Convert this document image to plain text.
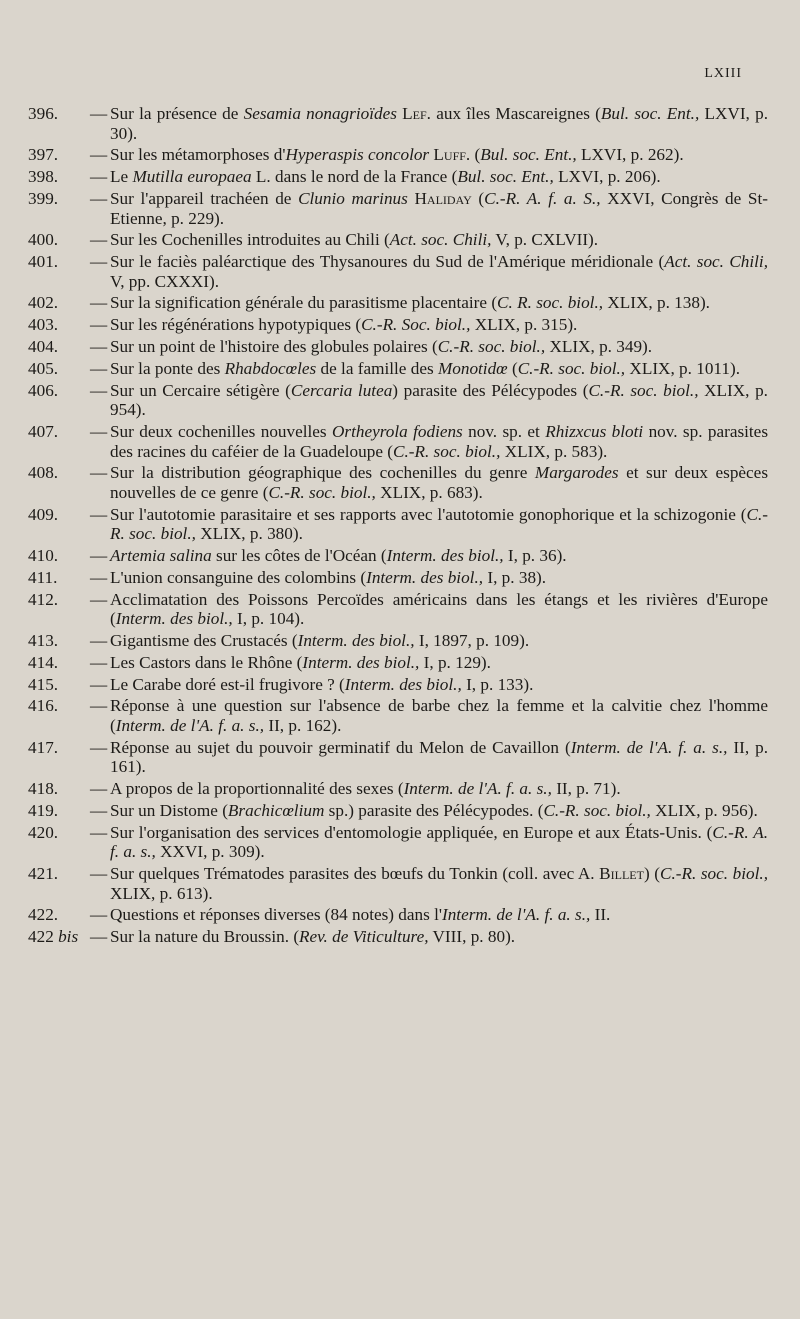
LXIII
396.	— Sur la présence de Sesamia nonagrioïdes Lef. aux îles Mascareignes (Bul. soc. Ent., LXVI, p. 30).
397.	— Sur les métamorphoses d'Hyperaspis concolor Luff. (Bul. soc. Ent., LXVI, p. 262).
398.	— Le Mutilla europaea L. dans le nord de la France (Bul. soc. Ent., LXVI, p. 206).
399.	— Sur l'appareil trachéen de Clunio marinus Haliday (C.-R. A. f. a. S., XXVI, Congrès de St-Etienne, p. 229).
400.	— Sur les Cochenilles introduites au Chili (Act. soc. Chili, V, p. CXLVII).
401.	— Sur le faciès paléarctique des Thysanoures du Sud de l'Amérique méridionale (Act. soc. Chili, V, pp. CXXXI).
402.	— Sur la signification générale du parasitisme placentaire (C. R. soc. biol., XLIX, p. 138).
403.	— Sur les régénérations hypotypiques (C.-R. Soc. biol., XLIX, p. 315).
404.	— Sur un point de l'histoire des globules polaires (C.-R. soc. biol., XLIX, p. 349).
405.	— Sur la ponte des Rhabdocœles de la famille des Monotidœ (C.-R. soc. biol., XLIX, p. 1011).
406.	— Sur un Cercaire sétigère (Cercaria lutea) parasite des Pélécypodes (C.-R. soc. biol., XLIX, p. 954).
407.	— Sur deux cochenilles nouvelles Ortheyrola fodiens nov. sp. et Rhizxcus bloti nov. sp. parasites des racines du caféier de la Guadeloupe (C.-R. soc. biol., XLIX, p. 583).
408.	— Sur la distribution géographique des cochenilles du genre Margarodes et sur deux espèces nouvelles de ce genre (C.-R. soc. biol., XLIX, p. 683).
409.	— Sur l'autotomie parasitaire et ses rapports avec l'autotomie gonophorique et la schizogonie (C.-R. soc. biol., XLIX, p. 380).
410.	— Artemia salina sur les côtes de l'Océan (Interm. des biol., I, p. 36).
411.	— L'union consanguine des colombins (Interm. des biol., I, p. 38).
412.	— Acclimatation des Poissons Percoïdes américains dans les étangs et les rivières d'Europe (Interm. des biol., I, p. 104).
413.	— Gigantisme des Crustacés (Interm. des biol., I, 1897, p. 109).
414.	— Les Castors dans le Rhône (Interm. des biol., I, p. 129).
415.	— Le Carabe doré est-il frugivore ? (Interm. des biol., I, p. 133).
416.	— Réponse à une question sur l'absence de barbe chez la femme et la calvitie chez l'homme (Interm. de l'A. f. a. s., II, p. 162).
417.	— Réponse au sujet du pouvoir germinatif du Melon de Cavaillon (Interm. de l'A. f. a. s., II, p. 161).
418.	— A propos de la proportionnalité des sexes (Interm. de l'A. f. a. s., II, p. 71).
419.	— Sur un Distome (Brachicœlium sp.) parasite des Pélécypodes. (C.-R. soc. biol., XLIX, p. 956).
420.	— Sur l'organisation des services d'entomologie appliquée, en Europe et aux États-Unis. (C.-R. A. f. a. s., XXVI, p. 309).
421.	— Sur quelques Trématodes parasites des bœufs du Tonkin (coll. avec A. Billet) (C.-R. soc. biol., XLIX, p. 613).
422.	— Questions et réponses diverses (84 notes) dans l'Interm. de l'A. f. a. s., II.
422 bis — Sur la nature du Broussin. (Rev. de Viticulture, VIII, p. 80).
